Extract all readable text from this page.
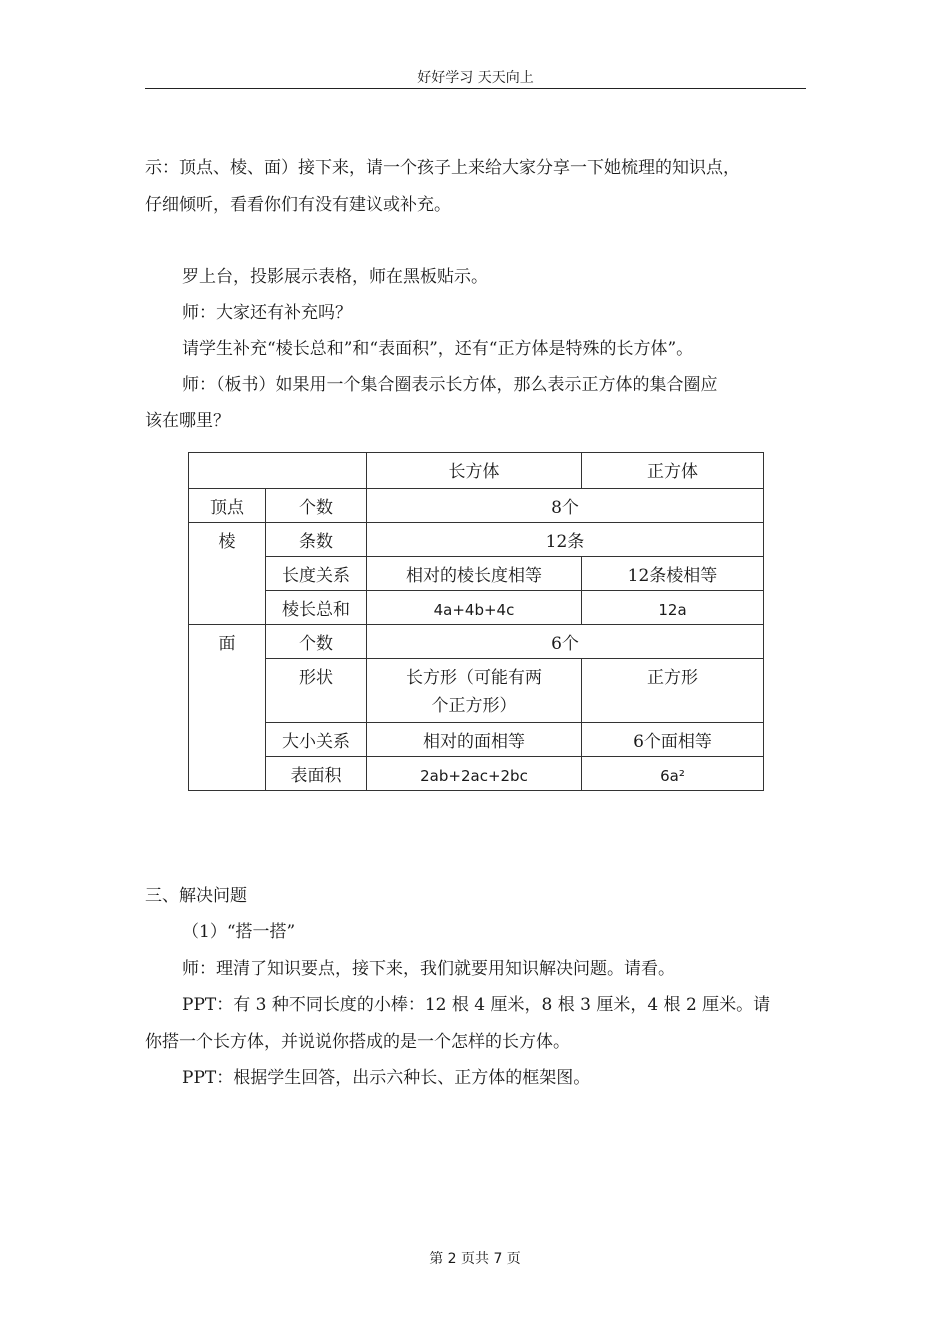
好好学习 天天向上
示：顶点、棱、面）接下来，请一个孩子上来给大家分享一下她梳理的知识点，
仔细倾听，看看你们有没有建议或补充。
罗上台，投影展示表格，师在黑板贴示。
师：大家还有补充吗？
请学生补充“棱长总和”和“表面积”，还有“正方体是特殊的长方体”。
师：（板书）如果用一个集合圈表示长方体，那么表示正方体的集合圈应
该在哪里？
		长方体	正方体
顶点	个数	8个	
棱	条数	12条	
	长度关系	相对的棱长度相等	12条棱相等
	棱长总和	4a+4b+4c	12a
面	个数	6个	
	形状	长方形（可能有两
个正方形）	正方形
	大小关系	相对的面相等	6个面相等
	表面积	2ab+2ac+2bc	6a²
三、解决问题
（1）“搭一搭”
师：理清了知识要点，接下来，我们就要用知识解决问题。请看。
PPT：有 3 种不同长度的小棒：12 根 4 厘米，8 根 3 厘米，4 根 2 厘米。请
你搭一个长方体，并说说你搭成的是一个怎样的长方体。
PPT：根据学生回答，出示六种长、正方体的框架图。
第 2 页共 7 页
